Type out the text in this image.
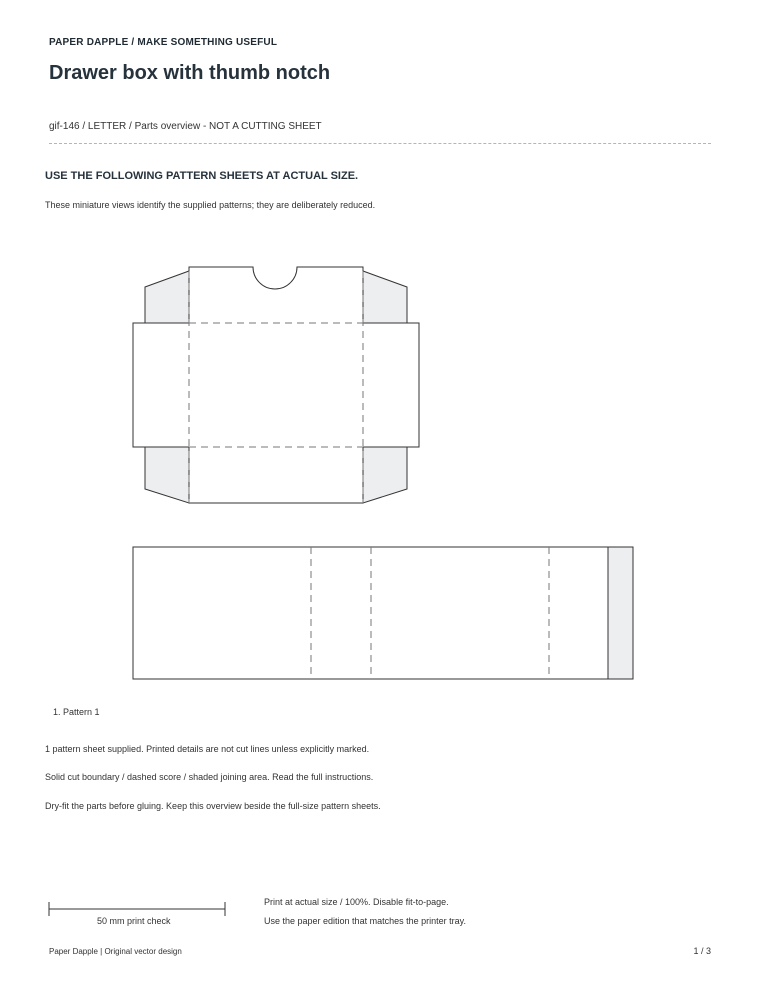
PAPER DAPPLE / MAKE SOMETHING USEFUL
Drawer box with thumb notch
gif-146 / LETTER / Parts overview - NOT A CUTTING SHEET
USE THE FOLLOWING PATTERN SHEETS AT ACTUAL SIZE.
These miniature views identify the supplied patterns; they are deliberately reduced.
1. Pattern 1
1 pattern sheet supplied. Printed details are not cut lines unless explicitly marked.
Solid cut boundary / dashed score / shaded joining area. Read the full instructions.
Dry-fit the parts before gluing. Keep this overview beside the full-size pattern sheets.
50 mm print check
Print at actual size / 100%. Disable fit-to-page.
Use the paper edition that matches the printer tray.
Paper Dapple | Original vector design	1 / 3
